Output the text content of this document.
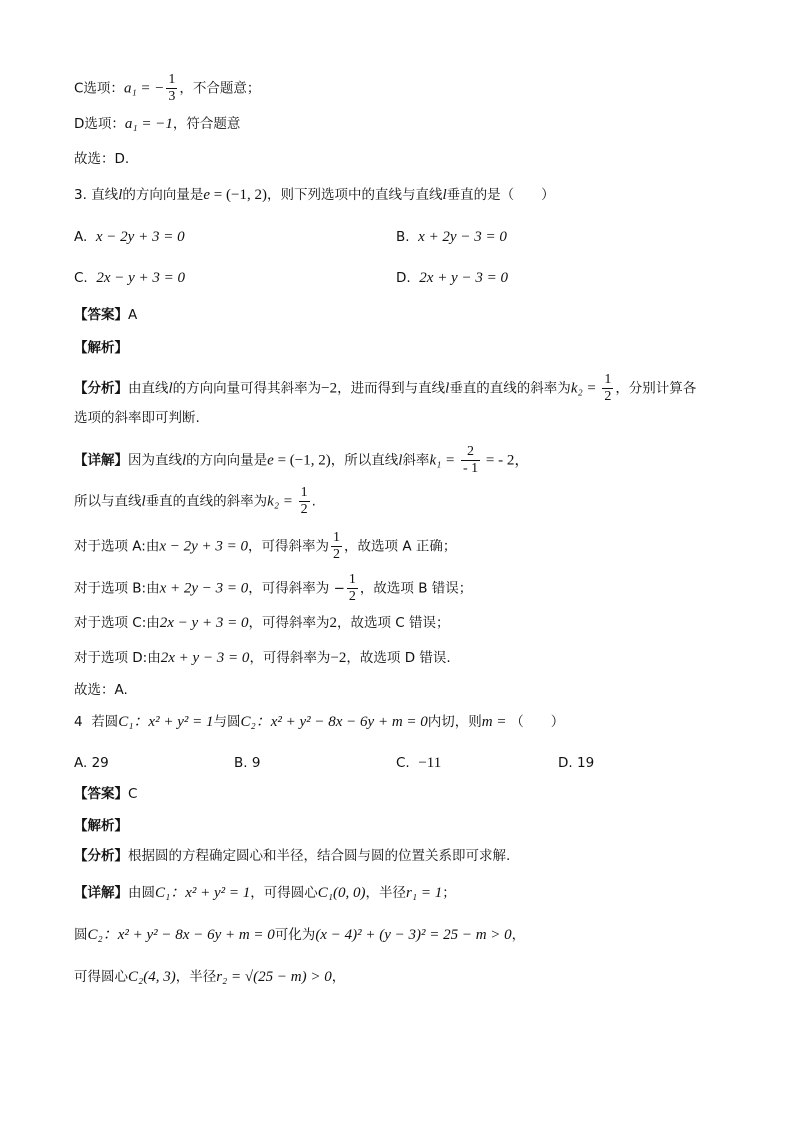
C选项：a₁ = − $\frac{1}{3}$ ，不合题意；
D选项：a₁ = −1，符合题意
故选：D.
3. 直线l的方向向量是e = (−1, 2)，则下列选项中的直线与直线l垂直的是（　　）
A. x − 2y + 3 = 0	B. x + 2y − 3 = 0
C. 2x − y + 3 = 0	D. 2x + y − 3 = 0
【答案】A
【解析】
【分析】由直线l的方向向量可得其斜率为−2，进而得到与直线l垂直的直线的斜率为$k_2 = \frac{1}{2}$ ，分别计算各
选项的斜率即可判断.
【详解】因为直线l的方向向量是e = (−1, 2)，所以直线l斜率$k_1 = \frac{2}{- 1}$ = - 2，
所以与直线l垂直的直线的斜率为$k_2 = \frac{1}{2}$ .
对于选项 A:由x − 2y + 3 = 0，可得斜率为 $\frac{1}{2}$ ，故选项 A 正确；
对于选项 B:由x + 2y − 3 = 0，可得斜率为 − $\frac{1}{2}$ ，故选项 B 错误；
对于选项 C:由2x − y + 3 = 0，可得斜率为2，故选项 C 错误；
对于选项 D:由2x + y − 3 = 0，可得斜率为−2，故选项 D 错误.
故选：A.
4 若圆C₁：x² + y² = 1与圆C₂：x² + y² − 8x − 6y + m = 0内切，则m = （　　）
A. 29	B. 9	C. −11	D. 19
【答案】C
【解析】
【分析】根据圆的方程确定圆心和半径，结合圆与圆的位置关系即可求解.
【详解】由圆C₁：x² + y² = 1，可得圆心C₁(0, 0)，半径r₁ = 1；
圆C₂：x² + y² − 8x − 6y + m = 0可化为(x − 4)² + (y − 3)² = 25 − m > 0，
可得圆心C₂(4, 3)，半径r₂ = √(25 − m) > 0，
